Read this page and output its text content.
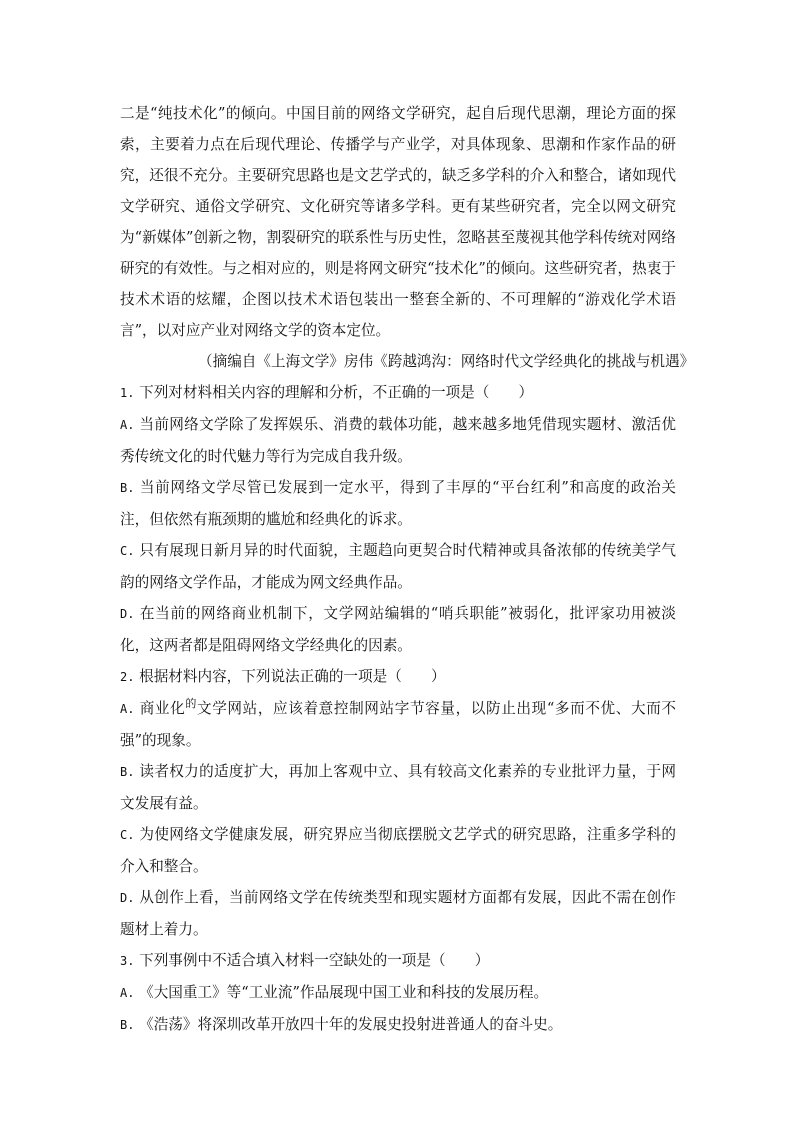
二是“纯技术化”的倾向。中国目前的网络文学研究，起自后现代思潮，理论方面的探索，主要着力点在后现代理论、传播学与产业学，对具体现象、思潮和作家作品的研究，还很不充分。主要研究思路也是文艺学式的，缺乏多学科的介入和整合，诸如现代文学研究、通俗文学研究、文化研究等诸多学科。更有某些研究者，完全以网文研究为“新媒体”创新之物，割裂研究的联系性与历史性，忽略甚至蔑视其他学科传统对网络研究的有效性。与之相对应的，则是将网文研究“技术化”的倾向。这些研究者，热衷于技术术语的炫耀，企图以技术术语包装出一整套全新的、不可理解的“游戏化学术语言”，以对应产业对网络文学的资本定位。

（摘编自《上海文学》房伟《跨越鸿沟：网络时代文学经典化的挑战与机遇》

1. 下列对材料相关内容的理解和分析，不正确的一项是（　　）

A. 当前网络文学除了发挥娱乐、消费的载体功能，越来越多地凭借现实题材、激活优秀传统文化的时代魅力等行为完成自我升级。

B. 当前网络文学尽管已发展到一定水平，得到了丰厚的“平台红利”和高度的政治关注，但依然有瓶颈期的尴尬和经典化的诉求。

C. 只有展现日新月异的时代面貌，主题趋向更契合时代精神或具备浓郁的传统美学气韵的网络文学作品，才能成为网文经典作品。

D. 在当前的网络商业机制下，文学网站编辑的“哨兵职能”被弱化，批评家功用被淡化，这两者都是阻碍网络文学经典化的因素。

2. 根据材料内容，下列说法正确的一项是（　　）

A. 商业化$^的$文学网站，应该着意控制网站字节容量，以防止出现“多而不优、大而不强”的现象。

B. 读者权力的适度扩大，再加上客观中立、具有较高文化素养的专业批评力量，于网文发展有益。

C. 为使网络文学健康发展，研究界应当彻底摆脱文艺学式的研究思路，注重多学科的介入和整合。

D. 从创作上看，当前网络文学在传统类型和现实题材方面都有发展，因此不需在创作题材上着力。

3. 下列事例中不适合填入材料一空缺处的一项是（　　）

A. 《大国重工》等“工业流”作品展现中国工业和科技的发展历程。

B. 《浩荡》将深圳改革开放四十年的发展史投射进普通人的奋斗史。
